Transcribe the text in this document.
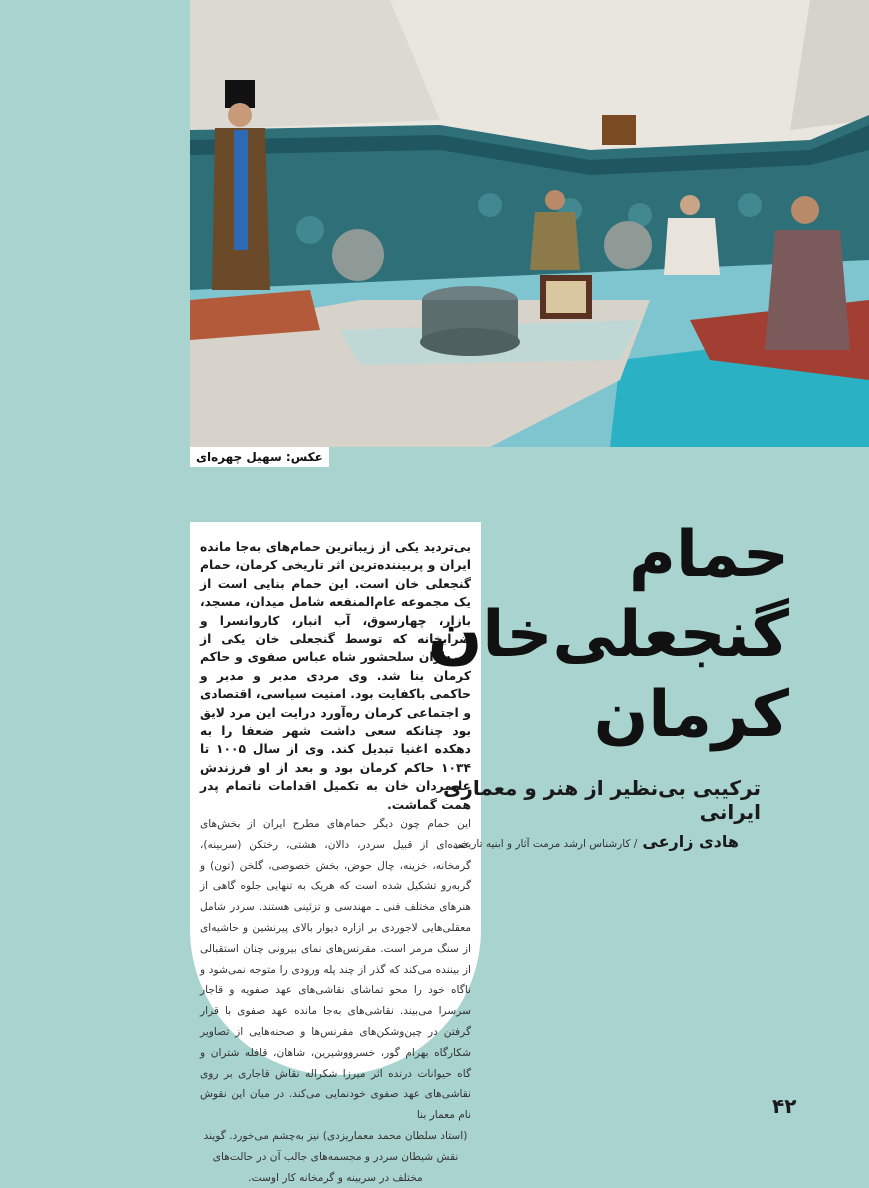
عکس: سهیل چهره‌ای

بی‌تردید یکی از زیباترین حمام‌های به‌جا مانده ایران و پربیننده‌ترین اثر تاریخی کرمان، حمام گنجعلی خان است. این حمام بنایی است از یک مجموعه عام‌المنفعه شامل میدان، مسجد، بازار، چهارسوق، آب انبار، کاروانسرا و ضرابخانه که توسط گنجعلی خان یکی از سرداران سلحشور شاه عباس صفوی و حاکم کرمان بنا شد. وی مردی مدبر و مدبر و حاکمی باکفایت بود. امنیت سیاسی، اقتصادی و اجتماعی کرمان ره‌آورد درایت این مرد لایق بود چنانکه سعی داشت شهر ضعفا را به دهکده اغنیا تبدیل کند. وی از سال ۱۰۰۵ تا ۱۰۳۴ حاکم کرمان بود و بعد از او فرزندش علیمردان خان به تکمیل اقدامات ناتمام پدر همت گماشت.

این حمام چون دیگر حمام‌های مطرح ایران از بخش‌های عمده‌ای از قبیل سردر، دالان، هشتی، رختکن (سربینه)، گرمخانه، خزینه، چال حوض، بخش خصوصی، گلخن (تون) و گربه‌رو تشکیل شده است که هریک به تنهایی جلوه گاهی از هنرهای مختلف فنی ـ مهندسی و تزئینی هستند. سردر شامل معقلی‌هایی لاجوردی بر ازاره دیوار بالای پیرنشین و حاشیه‌ای از سنگ مرمر است. مقرنس‌های نمای بیرونی چنان استقبالی از بیننده می‌کند که گذر از چند پله ورودی را متوجه نمی‌شود و ناگاه خود را محو تماشای نقاشی‌های عهد صفویه و قاجار سرسرا می‌بیند. نقاشی‌های به‌جا مانده عهد صفوی با قرار گرفتن در چین‌وشکن‌های مقرنس‌ها و صحنه‌هایی از تصاویر شکارگاه بهرام گور، خسرووشیرین، شاهان، قافله شتران و گاه حیوانات درنده اثر میرزا شکراله نقاش قاجاری بر روی نقاشی‌های عهد صفوی خودنمایی می‌کند. در میان این نقوش نام معمار بنا

(استاد سلطان محمد معماریزدی) نیز به‌چشم می‌خورد. گویند نقش شیطان سردر و مجسمه‌های جالب آن در حالت‌های مختلف در سربینه و گرمخانه کار اوست.

حمام
گنجعلی‌خان
کرمان
ترکیبی بی‌نظیر از هنر و معماری ایرانی
هادی زارعی / کارشناس ارشد مرمت آثار و ابنیه تاریخی
۴۲
